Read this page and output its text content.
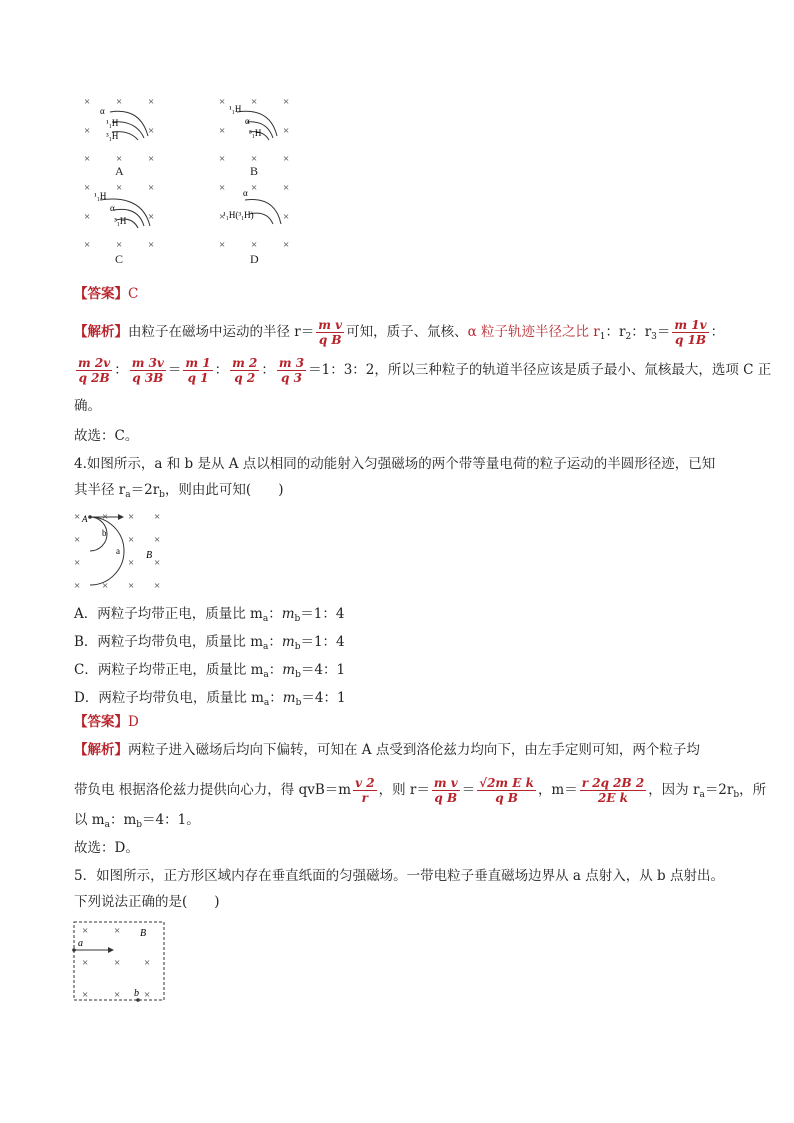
× × ×
×	×
× × ×
α
¹₁H
³₁H
A
× × ×
×	×
× × ×
¹₁H
α
³₁H
B
× × ×
×	×
× × ×
¹₁H
α
³₁H
C
× × ×
×	×
× × ×
α
¹₁H(³₁H)
D
【答案】C
【解析】由粒子在磁场中运动的半径 $r= \frac{\text{m v}}{\text{q B}}$ 可知，质子、氚核、α 粒子轨迹半径之比 $r_1$：$r_2$：$r_3= \frac{m 1v}{q 1B}$ ：
$\frac{m 2v}{q 2B}$ ： $\frac{m 3v}{q 3B} = \frac{m 1}{q 1}$ ： $\frac{m 2}{q 2}$ ： $\frac{m 3}{q 3} =1$：3：2，所以三种粒子的轨道半径应该是质子最小、氚核最大，选项 C 正
确。
故选：C。
4.如图所示，a 和 b 是从 A 点以相同的动能射入匀强磁场的两个带等量电荷的粒子运动的半圆形径迹，已知
其半径 $r_a=2r_b$，则由此可知(　　)
× × × ×
×	× ×
×	× ×
× × × ×
A
b
a	B
A．两粒子均带正电，质量比 $m_a$：$m_b=1$：4
B．两粒子均带负电，质量比 $m_a$：$m_b=1$：4
C．两粒子均带正电，质量比 $m_a$：$m_b=4$：1
D．两粒子均带负电，质量比 $m_a$：$m_b=4$：1
【答案】D
【解析】两粒子进入磁场后均向下偏转，可知在 A 点受到洛伦兹力均向下，由左手定则可知，两个粒子均
带负电 根据洛伦兹力提供向心力，得 $qvB=m \frac{v 2}{r}$ ，则 $r= \frac{\text{m v}}{\text{q B}} = \frac{\text{√2m E k}}{\text{q B}}$ ，$m= \frac{r 2q 2B 2}{\text{2E k}}$ ，因为 $r_a=2r_b$，所
以 $m_a$：$m_b=4$：1。
故选：D。
5．如图所示，正方形区域内存在垂直纸面的匀强磁场。一带电粒子垂直磁场边界从 a 点射入，从 b 点射出。
下列说法正确的是(　　)
× ×
× × ×
× × ×
a
b
B
